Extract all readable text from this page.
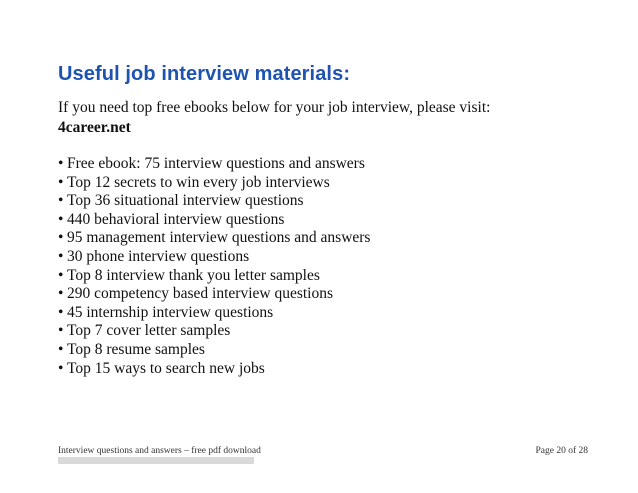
Useful job interview materials:
If you need top free ebooks below for your job interview, please visit:
4career.net
• Free ebook: 75 interview questions and answers
• Top 12 secrets to win every job interviews
• Top 36 situational interview questions
• 440 behavioral interview questions
• 95 management interview questions and answers
• 30 phone interview questions
• Top 8 interview thank you letter samples
• 290 competency based interview questions
• 45 internship interview questions
• Top 7 cover letter samples
• Top 8 resume samples
• Top 15 ways to search new jobs
Interview questions and answers – free pdf download	Page 20 of 28
